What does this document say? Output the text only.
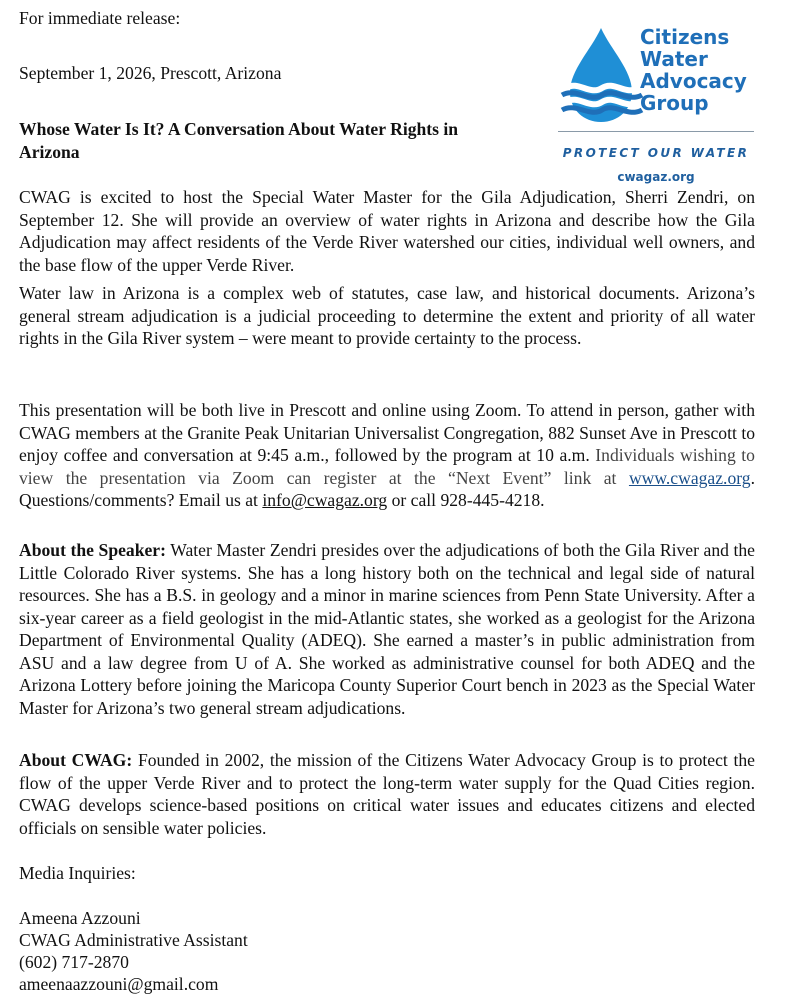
For immediate release:
September 1, 2026, Prescott, Arizona
Whose Water Is It? A Conversation About Water Rights in Arizona
Citizens
Water
Advocacy
Group
PROTECT OUR WATER
cwagaz.org
CWAG is excited to host the Special Water Master for the Gila Adjudication, Sherri Zendri, on September 12. She will provide an overview of water rights in Arizona and describe how the Gila Adjudication may affect residents of the Verde River watershed our cities, individual well owners, and the base flow of the upper Verde River.
Water law in Arizona is a complex web of statutes, case law, and historical documents. Arizona’s general stream adjudication is a judicial proceeding to determine the extent and priority of all water rights in the Gila River system – were meant to provide certainty to the process.
This presentation will be both live in Prescott and online using Zoom. To attend in person, gather with CWAG members at the Granite Peak Unitarian Universalist Congregation, 882 Sunset Ave in Prescott to enjoy coffee and conversation at 9:45 a.m., followed by the program at 10 a.m. Individuals wishing to view the presentation via Zoom can register at the “Next Event” link at www.cwagaz.org. Questions/comments? Email us at info@cwagaz.org or call 928-445-4218.
About the Speaker: Water Master Zendri presides over the adjudications of both the Gila River and the Little Colorado River systems. She has a long history both on the technical and legal side of natural resources. She has a B.S. in geology and a minor in marine sciences from Penn State University. After a six-year career as a field geologist in the mid-Atlantic states, she worked as a geologist for the Arizona Department of Environmental Quality (ADEQ). She earned a master’s in public administration from ASU and a law degree from U of A. She worked as administrative counsel for both ADEQ and the Arizona Lottery before joining the Maricopa County Superior Court bench in 2023 as the Special Water Master for Arizona’s two general stream adjudications.
About CWAG: Founded in 2002, the mission of the Citizens Water Advocacy Group is to protect the flow of the upper Verde River and to protect the long-term water supply for the Quad Cities region. CWAG develops science-based positions on critical water issues and educates citizens and elected officials on sensible water policies.
Media Inquiries:
Ameena Azzouni
CWAG Administrative Assistant
(602) 717-2870
ameenaazzouni@gmail.com
